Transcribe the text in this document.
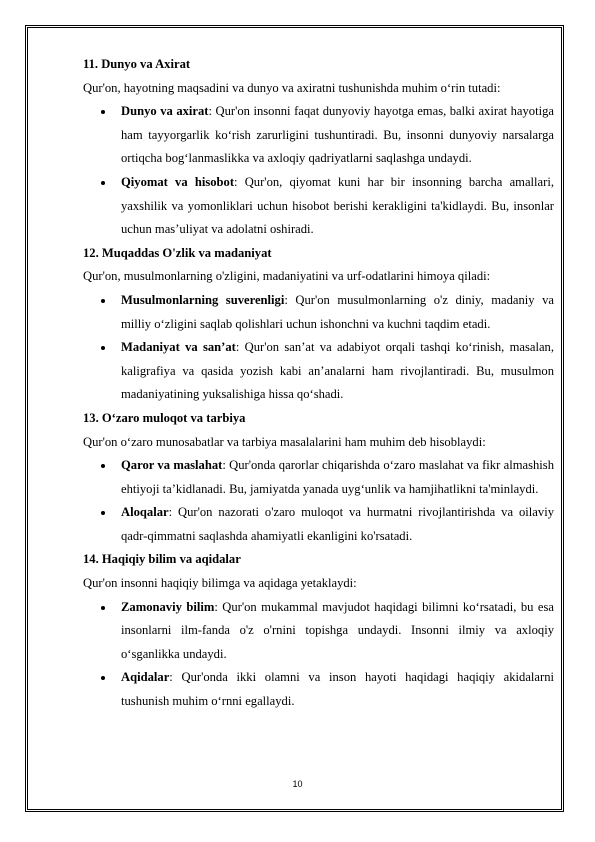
11. Dunyo va Axirat

Qur'on, hayotning maqsadini va dunyo va axiratni tushunishda muhim o‘rin tutadi:

Dunyo va axirat: Qur'on insonni faqat dunyoviy hayotga emas, balki axirat hayotiga ham tayyorgarlik ko‘rish zarurligini tushuntiradi. Bu, insonni dunyoviy narsalarga ortiqcha bog‘lanmaslikka va axloqiy qadriyatlarni saqlashga undaydi.
Qiyomat va hisobot: Qur'on, qiyomat kuni har bir insonning barcha amallari, yaxshilik va yomonliklari uchun hisobot berishi kerakligini ta'kidlaydi. Bu, insonlar uchun mas’uliyat va adolatni oshiradi.

12. Muqaddas O'zlik va madaniyat

Qur'on, musulmonlarning o'zligini, madaniyatini va urf-odatlarini himoya qiladi:

Musulmonlarning suverenligi: Qur'on musulmonlarning o'z diniy, madaniy va milliy o‘zligini saqlab qolishlari uchun ishonchni va kuchni taqdim etadi.
Madaniyat va san’at: Qur'on san’at va adabiyot orqali tashqi ko‘rinish, masalan, kaligrafiya va qasida yozish kabi an’analarni ham rivojlantiradi. Bu, musulmon madaniyatining yuksalishiga hissa qo‘shadi.

13. O‘zaro muloqot va tarbiya

Qur'on o‘zaro munosabatlar va tarbiya masalalarini ham muhim deb hisoblaydi:

Qaror va maslahat: Qur'onda qarorlar chiqarishda o‘zaro maslahat va fikr almashish ehtiyoji ta’kidlanadi. Bu, jamiyatda yanada uyg‘unlik va hamjihatlikni ta'minlaydi.
Aloqalar: Qur'on nazorati o'zaro muloqot va hurmatni rivojlantirishda va oilaviy qadr-qimmatni saqlashda ahamiyatli ekanligini ko'rsatadi.

14. Haqiqiy bilim va aqidalar

Qur'on insonni haqiqiy bilimga va aqidaga yetaklaydi:

Zamonaviy bilim: Qur'on mukammal mavjudot haqidagi bilimni ko‘rsatadi, bu esa insonlarni ilm-fanda o'z o'rnini topishga undaydi. Insonni ilmiy va axloqiy o‘sganlikka undaydi.
Aqidalar: Qur'onda ikki olamni va inson hayoti haqidagi haqiqiy akidalarni tushunish muhim o‘rnni egallaydi.
10
